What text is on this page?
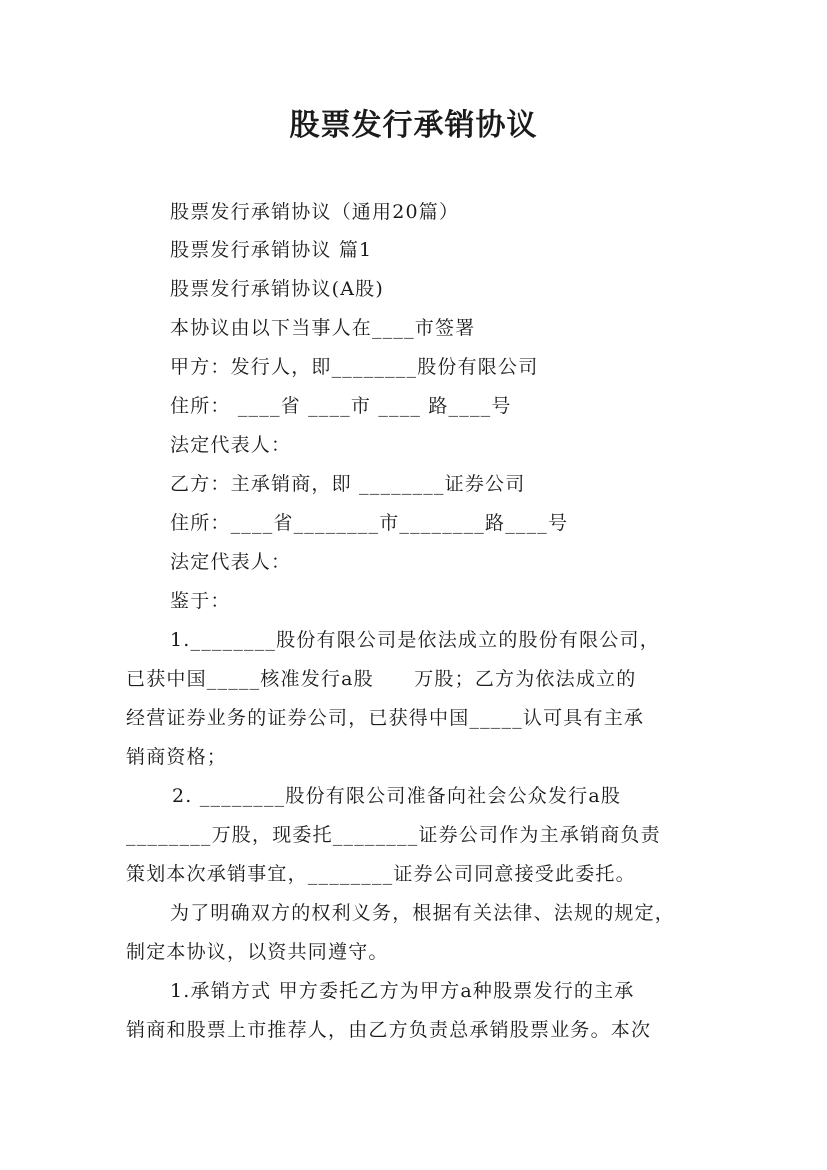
股票发行承销协议
股票发行承销协议（通用20篇）
股票发行承销协议 篇1
股票发行承销协议(A股)
本协议由以下当事人在____市签署
甲方：发行人，即________股份有限公司
住所： ____省 ____市 ____ 路____号
法定代表人：
乙方：主承销商，即 ________证券公司
住所：____省________市________路____号
法定代表人：
鉴于：
1.________股份有限公司是依法成立的股份有限公司，
已获中国_____核准发行a股　　万股；乙方为依法成立的
经营证券业务的证券公司，已获得中国_____认可具有主承
销商资格；
2. ________股份有限公司准备向社会公众发行a股
________万股，现委托________证券公司作为主承销商负责
策划本次承销事宜，________证券公司同意接受此委托。
为了明确双方的权利义务，根据有关法律、法规的规定，
制定本协议，以资共同遵守。
1.承销方式 甲方委托乙方为甲方a种股票发行的主承
销商和股票上市推荐人，由乙方负责总承销股票业务。本次
